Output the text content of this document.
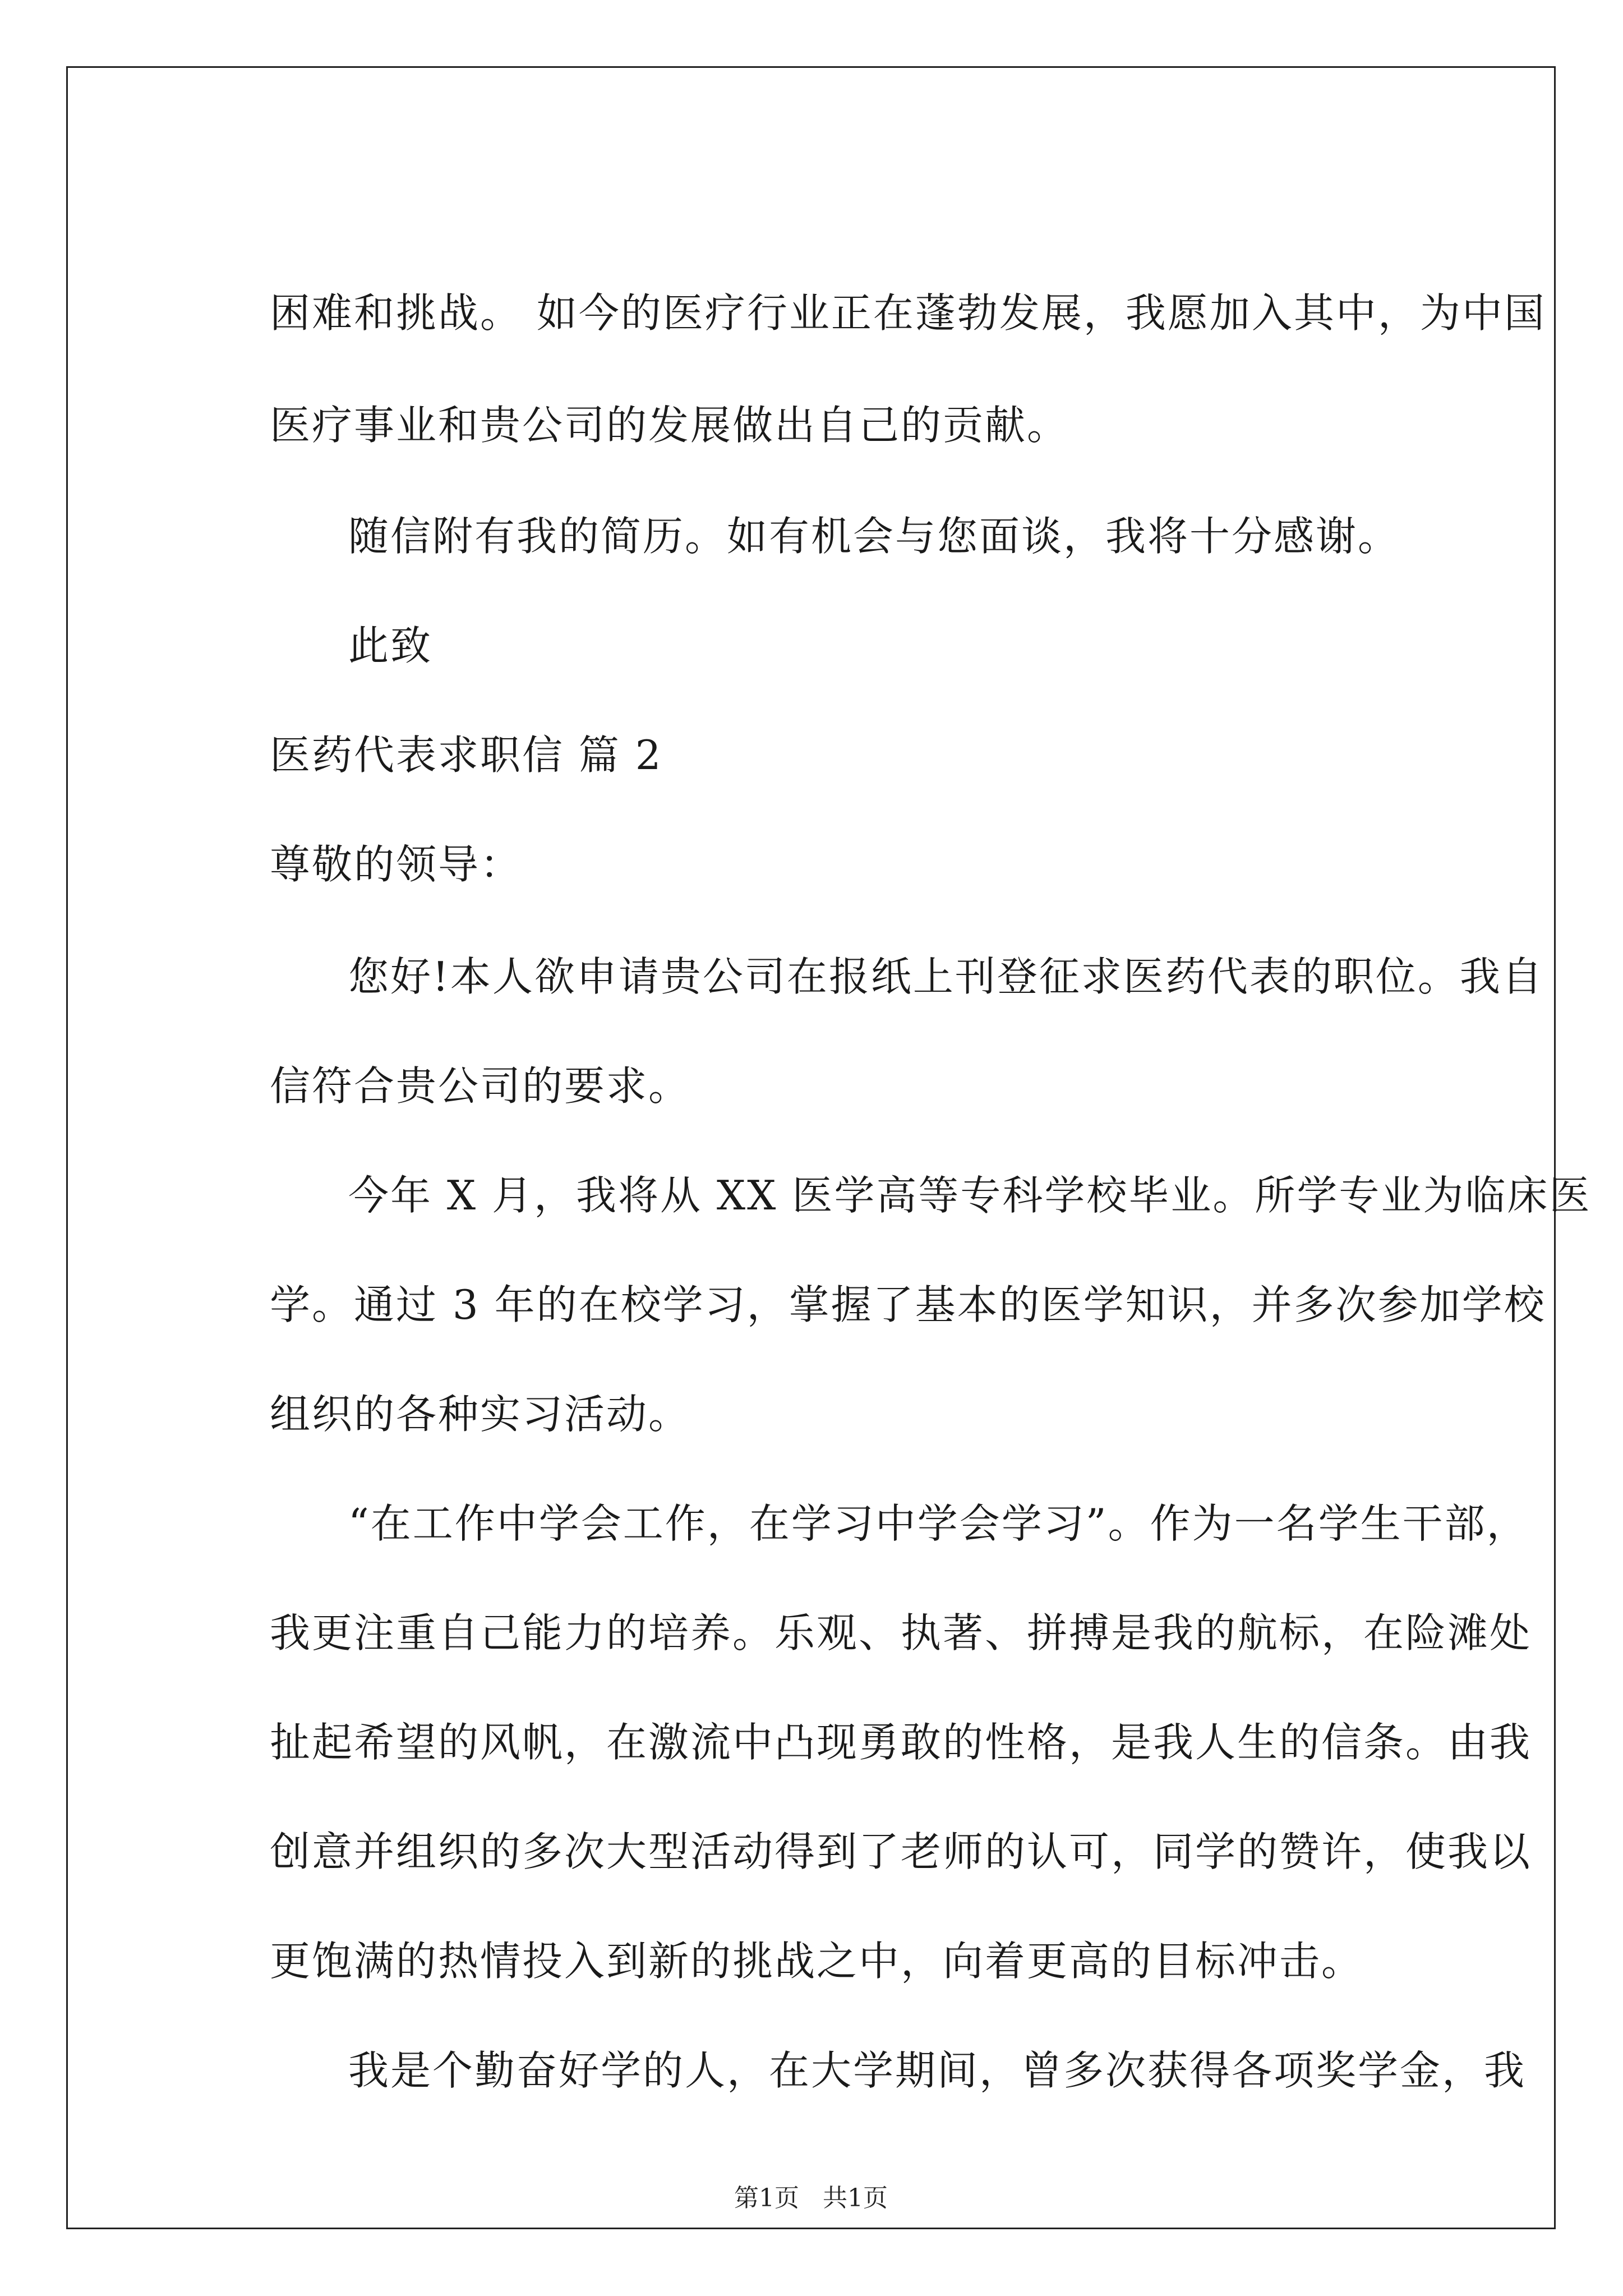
困难和挑战。 如今的医疗行业正在蓬勃发展，我愿加入其中，为中国
医疗事业和贵公司的发展做出自己的贡献。
随信附有我的简历。如有机会与您面谈，我将十分感谢。
此致
医药代表求职信 篇 2
尊敬的领导：
您好!本人欲申请贵公司在报纸上刊登征求医药代表的职位。我自
信符合贵公司的要求。
今年 X 月，我将从 XX 医学高等专科学校毕业。所学专业为临床医
学。通过 3 年的在校学习，掌握了基本的医学知识，并多次参加学校
组织的各种实习活动。
“在工作中学会工作，在学习中学会学习”。作为一名学生干部，
我更注重自己能力的培养。乐观、执著、拼搏是我的航标，在险滩处
扯起希望的风帆，在激流中凸现勇敢的性格，是我人生的信条。由我
创意并组织的多次大型活动得到了老师的认可，同学的赞许，使我以
更饱满的热情投入到新的挑战之中，向着更高的目标冲击。
我是个勤奋好学的人，在大学期间，曾多次获得各项奖学金，我
第1页 共1页
